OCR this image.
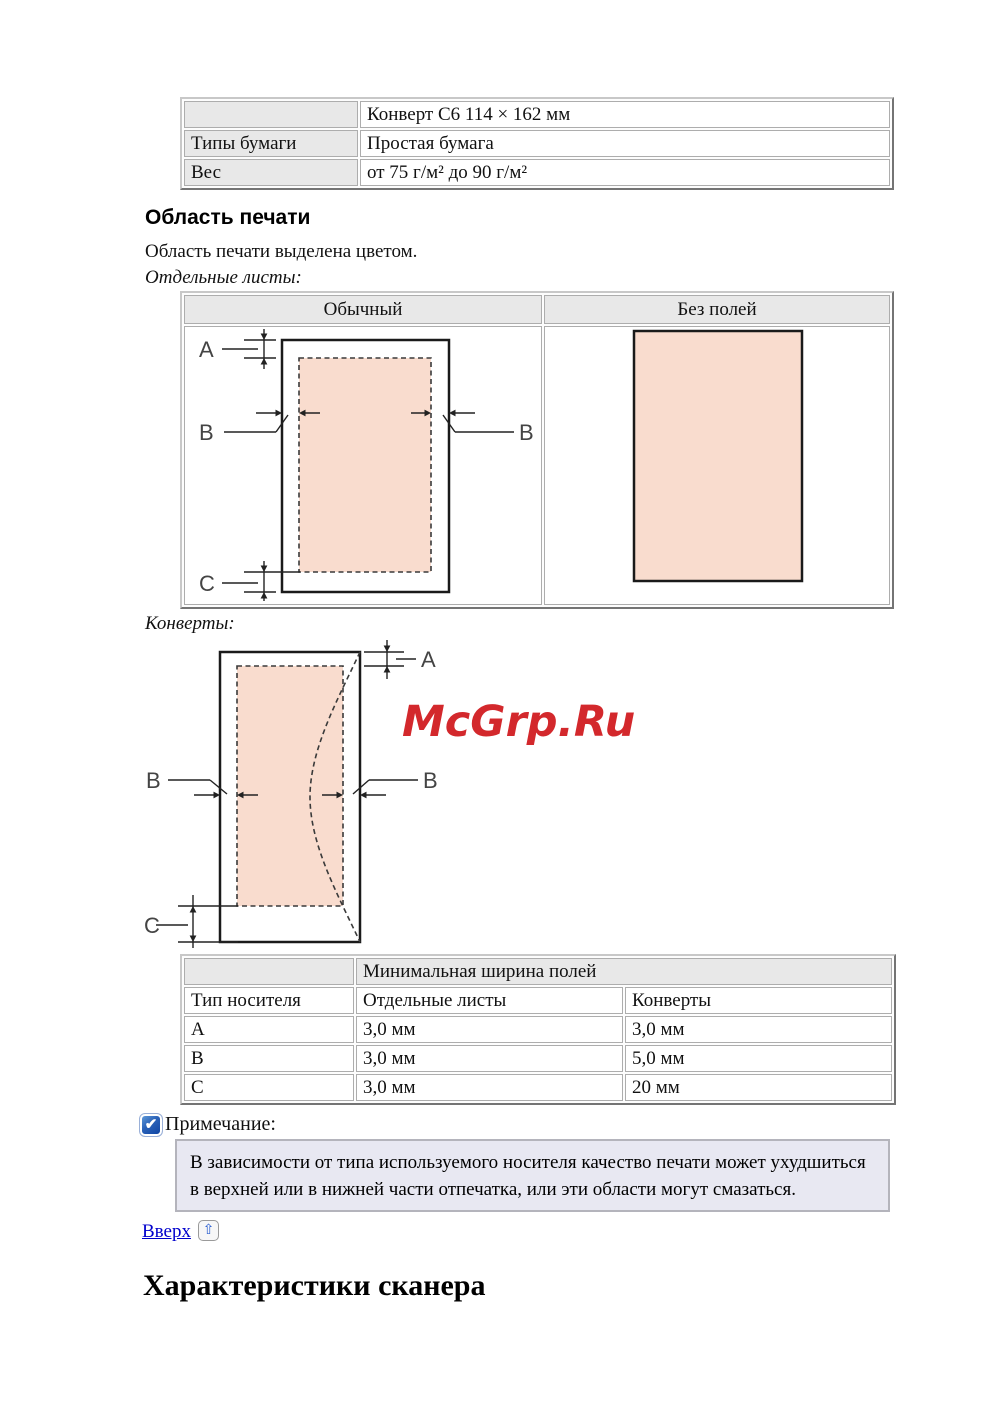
	Конверт C6 114 × 162 мм
Типы бумаги	Простая бумага
Вес	от 75 г/м² до 90 г/м²
Область печати
Область печати выделена цветом.
Отдельные листы:
Обычный	Без полей

A
B B
C

Конверты:
A
B	B
C
McGrp.Ru
	Минимальная ширина полей	
Тип носителя	Отдельные листы	Конверты
A	3,0 мм	3,0 мм
B	3,0 мм	5,0 мм
C	3,0 мм	20 мм
✔ Примечание:
В зависимости от типа используемого носителя качество печати может ухудшиться в верхней или в нижней части отпечатка, или эти области могут смазаться.
Вверх ⇧
Характеристики сканера
